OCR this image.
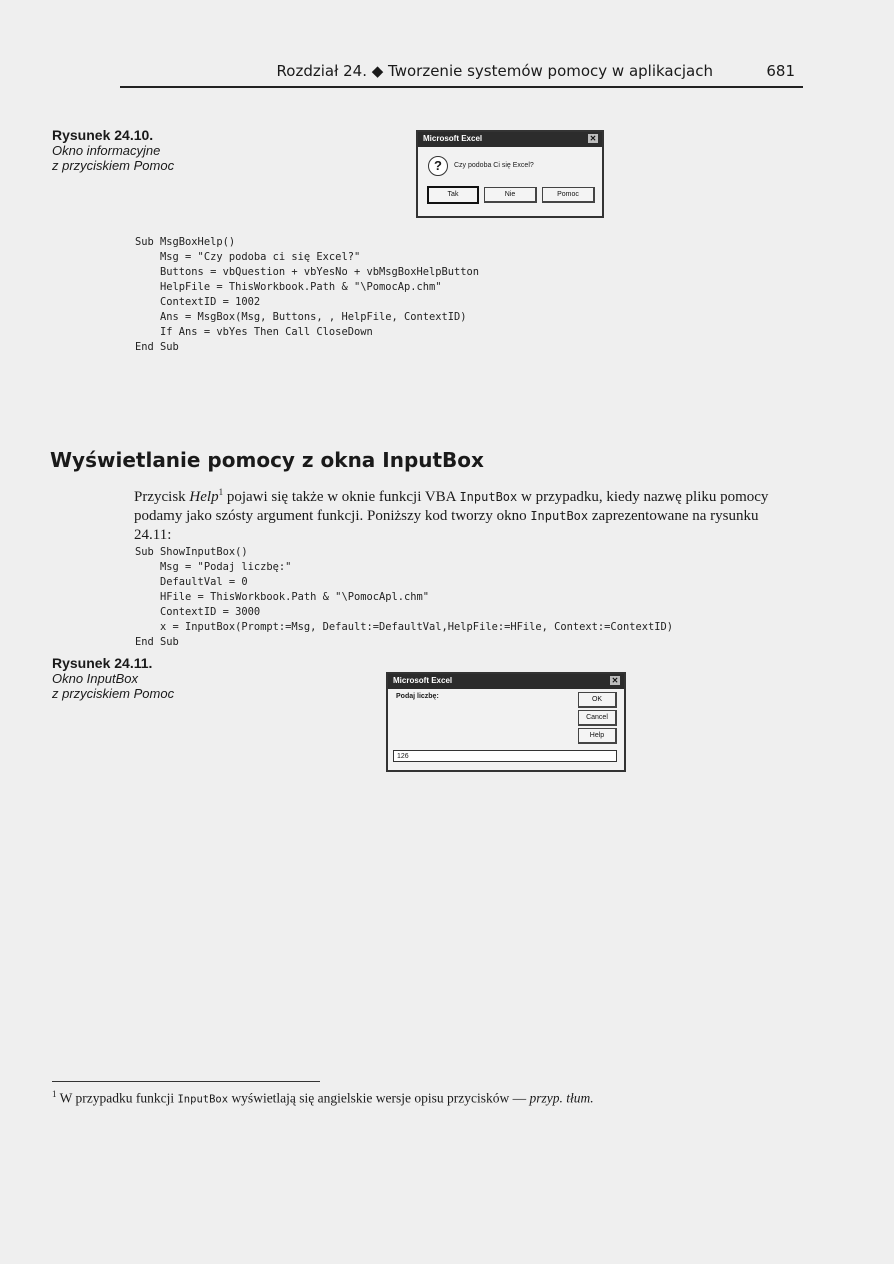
Rozdział 24. ◆ Tworzenie systemów pomocy w aplikacjach	681
Rysunek 24.10.
Okno informacyjne
z przyciskiem Pomoc
Microsoft Excel	✕
?	Czy podoba Ci się Excel?
Tak	Nie	Pomoc
Sub MsgBoxHelp()
Msg = "Czy podoba ci się Excel?"
Buttons = vbQuestion + vbYesNo + vbMsgBoxHelpButton
HelpFile = ThisWorkbook.Path & "\PomocAp.chm"
ContextID = 1002
Ans = MsgBox(Msg, Buttons, , HelpFile, ContextID)
If Ans = vbYes Then Call CloseDown
End Sub
Wyświetlanie pomocy z okna InputBox

Przycisk Help$^1$ pojawi się także w oknie funkcji VBA InputBox w przypadku, kiedy nazwę pliku pomocy podamy jako szósty argument funkcji. Poniższy kod tworzy okno InputBox zaprezentowane na rysunku 24.11:

Sub ShowInputBox()
Msg = "Podaj liczbę:"
DefaultVal = 0
HFile = ThisWorkbook.Path & "\PomocApl.chm"
ContextID = 3000
x = InputBox(Prompt:=Msg, Default:=DefaultVal,HelpFile:=HFile, Context:=ContextID)
End Sub
Rysunek 24.11.
Okno InputBox
z przyciskiem Pomoc
Microsoft Excel	✕
Podaj liczbę:	OK
Cancel
Help
126
$^1$ W przypadku funkcji InputBox wyświetlają się angielskie wersje opisu przycisków — przyp. tłum.
